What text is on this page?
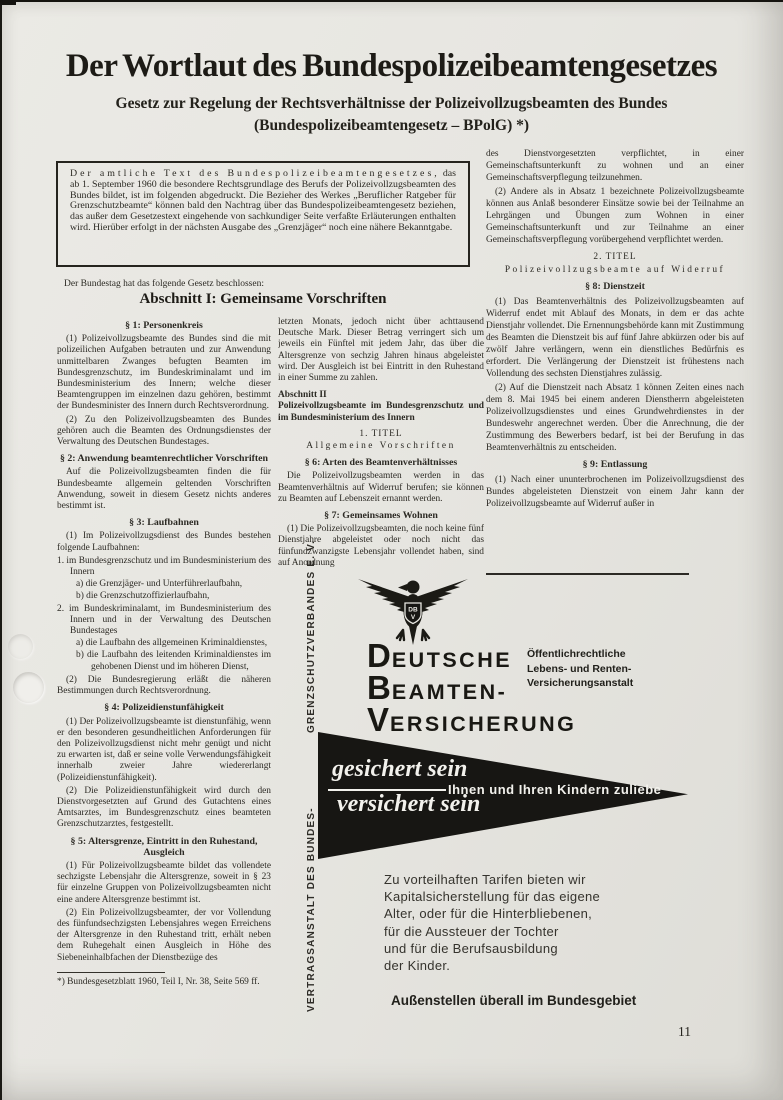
Der Wortlaut des Bundespolizeibeamtengesetzes
Gesetz zur Regelung der Rechtsverhältnisse der Polizeivollzugsbeamten des Bundes
(Bundespolizeibeamtengesetz – BPolG) *)

Der amtliche Text des Bundespolizeibeamtengesetzes, das ab 1. September 1960 die besondere Rechtsgrundlage des Berufs der Polizeivollzugsbeamten des Bundes bildet, ist im folgenden abgedruckt. Die Bezieher des Werkes „Beruflicher Ratgeber für Grenzschutzbeamte“ können bald den Nachtrag über das Bundespolizeibeamtengesetz beziehen, das außer dem Gesetzestext eingehende von sachkundiger Seite verfaßte Erläuterungen enthalten wird. Hierüber erfolgt in der nächsten Ausgabe des „Grenzjäger“ noch eine nähere Bekanntgabe.

Der Bundestag hat das folgende Gesetz beschlossen:
Abschnitt I: Gemeinsame Vorschriften
§ 1: Personenkreis
(1) Polizeivollzugsbeamte des Bundes sind die mit polizeilichen Aufgaben betrauten und zur Anwendung unmittelbaren Zwanges befugten Beamten im Bundesgrenzschutz, im Bundeskriminalamt und im Bundesministerium des Innern; welche dieser Beamtengruppen im einzelnen dazu gehören, bestimmt der Bundesminister des Innern durch Rechtsverordnung.
(2) Zu den Polizeivollzugsbeamten des Bundes gehören auch die Beamten des Ordnungsdienstes der Verwaltung des Deutschen Bundestages.
§ 2: Anwendung beamtenrechtlicher Vorschriften
Auf die Polizeivollzugsbeamten finden die für Bundesbeamte allgemein geltenden Vorschriften Anwendung, soweit in diesem Gesetz nichts anderes bestimmt ist.
§ 3: Laufbahnen
(1) Im Polizeivollzugsdienst des Bundes bestehen folgende Laufbahnen:
1. im Bundesgrenzschutz und im Bundesministerium des Innern
a) die Grenzjäger- und Unterführerlaufbahn,
b) die Grenzschutzoffizierlaufbahn,
2. im Bundeskriminalamt, im Bundesministerium des Innern und in der Verwaltung des Deutschen Bundestages
a) die Laufbahn des allgemeinen Kriminaldienstes,
b) die Laufbahn des leitenden Kriminaldienstes im gehobenen Dienst und im höheren Dienst,
(2) Die Bundesregierung erläßt die näheren Bestimmungen durch Rechtsverordnung.
§ 4: Polizeidienstunfähigkeit
(1) Der Polizeivollzugsbeamte ist dienstunfähig, wenn er den besonderen gesundheitlichen Anforderungen für den Polizeivollzugsdienst nicht mehr genügt und nicht zu erwarten ist, daß er seine volle Verwendungsfähigkeit innerhalb zweier Jahre wiedererlangt (Polizeidienstunfähigkeit).
(2) Die Polizeidienstunfähigkeit wird durch den Dienstvorgesetzten auf Grund des Gutachtens eines Amtsarztes, im Bundesgrenzschutz eines beamteten Grenzschutzarztes, festgestellt.
§ 5: Altersgrenze, Eintritt in den Ruhestand, Ausgleich
(1) Für Polizeivollzugsbeamte bildet das vollendete sechzigste Lebensjahr die Altersgrenze, soweit in § 23 für einzelne Gruppen von Polizeivollzugsbeamten nicht eine andere Altersgrenze bestimmt ist.
(2) Ein Polizeivollzugsbeamter, der vor Vollendung des fünfundsechzigsten Lebensjahres wegen Erreichens der Altersgrenze in den Ruhestand tritt, erhält neben dem Ruhegehalt einen Ausgleich in Höhe des Siebeneinhalbfachen der Dienstbezüge des
*) Bundesgesetzblatt 1960, Teil I, Nr. 38, Seite 569 ff.
letzten Monats, jedoch nicht über achttausend Deutsche Mark. Dieser Betrag verringert sich um jeweils ein Fünftel mit jedem Jahr, das über die Altersgrenze von sechzig Jahren hinaus abgeleistet wird. Der Ausgleich ist bei Eintritt in den Ruhestand in einer Summe zu zahlen.
Abschnitt II
Polizeivollzugsbeamte im Bundesgrenzschutz und im Bundesministerium des Innern
1. TITEL
Allgemeine Vorschriften
§ 6: Arten des Beamtenverhältnisses
Die Polizeivollzugsbeamten werden in das Beamtenverhältnis auf Widerruf berufen; sie können zu Beamten auf Lebenszeit ernannt werden.
§ 7: Gemeinsames Wohnen
(1) Die Polizeivollzugsbeamten, die noch keine fünf Dienstjahre abgeleistet oder noch nicht das fünfundzwanzigste Lebensjahr vollendet haben, sind auf Anordnung
des Dienstvorgesetzten verpflichtet, in einer Gemeinschaftsunterkunft zu wohnen und an einer Gemeinschaftsverpflegung teilzunehmen.
(2) Andere als in Absatz 1 bezeichnete Polizeivollzugsbeamte können aus Anlaß besonderer Einsätze sowie bei der Teilnahme an Lehrgängen und Übungen zum Wohnen in einer Gemeinschaftsunterkunft und zur Teilnahme an einer Gemeinschaftsverpflegung vorübergehend verpflichtet werden.
2. TITEL
Polizeivollzugsbeamte auf Widerruf
§ 8: Dienstzeit
(1) Das Beamtenverhältnis des Polizeivollzugsbeamten auf Widerruf endet mit Ablauf des Monats, in dem er das achte Dienstjahr vollendet. Die Ernennungsbehörde kann mit Zustimmung des Beamten die Dienstzeit bis auf fünf Jahre abkürzen oder bis auf zwölf Jahre verlängern, wenn ein dienstliches Bedürfnis es erfordert. Die Verlängerung der Dienstzeit ist frühestens nach Vollendung des sechsten Dienstjahres zulässig.
(2) Auf die Dienstzeit nach Absatz 1 können Zeiten eines nach dem 8. Mai 1945 bei einem anderen Dienstherrn abgeleisteten Polizeivollzugsdienstes und eines Grundwehrdienstes in der Bundeswehr angerechnet werden. Über die Anrechnung, die der Zustimmung des Bewerbers bedarf, ist bei der Berufung in das Beamtenverhältnis zu entscheiden.
§ 9: Entlassung
(1) Nach einer ununterbrochenen im Polizeivollzugsdienst des Bundes abgeleisteten Dienstzeit von einem Jahr kann der Polizeivollzugsbeamte auf Widerruf außer in
GRENZSCHUTZVERBANDES E. V.
VERTRAGSANSTALT DES BUNDES-
DB
V
DEUTSCHE
BEAMTEN-
VERSICHERUNG
Öffentlichrechtliche
Lebens- und Renten-
Versicherungsanstalt
gesichert sein
versichert sein
Ihnen und Ihren Kindern zuliebe
Zu vorteilhaften Tarifen bieten wir
Kapitalsicherstellung für das eigene
Alter, oder für die Hinterbliebenen,
für die Aussteuer der Tochter
und für die Berufsausbildung
der Kinder.
Außenstellen überall im Bundesgebiet
11
